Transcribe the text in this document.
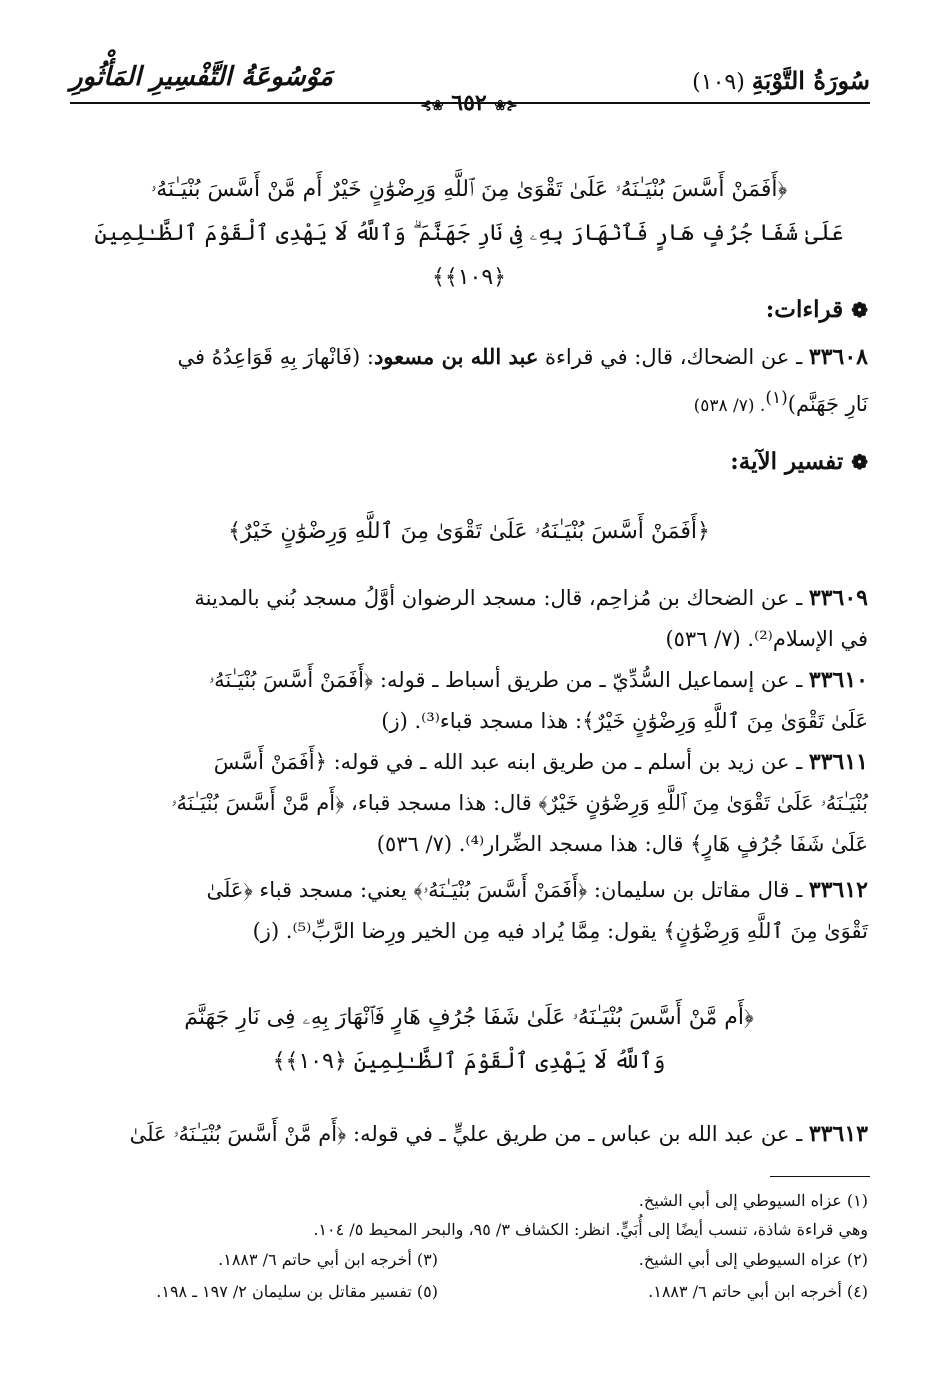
سُورَةُ التَّوْبَةِ (١٠٩)
مَوْسُوعَةُ التَّفْسِيرِ المَأْثُورِ
⊰❀ ٦٥٢ ❀⊱
﴿أَفَمَنْ أَسَّسَ بُنْيَـٰنَهُۥ عَلَىٰ تَقْوَىٰ مِنَ ٱللَّهِ وَرِضْوَٰنٍ خَيْرٌ أَم مَّنْ أَسَّسَ بُنْيَـٰنَهُۥ
عَلَىٰ شَفَا جُرُفٍ هَارٍ فَٱنْهَارَ بِهِۦ فِى نَارِ جَهَنَّمَ ۗ وَٱللَّهُ لَا يَهْدِى ٱلْقَوْمَ ٱلظَّـٰلِمِينَ ﴿١٠٩﴾﴾
❁قراءات:
٣٣٦٠٨ ـ عن الضحاك، قال: في قراءة عبد الله بن مسعود: (فَانْهارَ بِهِ قَوَاعِدُهُ في
نَارِ جَهَنَّم)$^{(١)}$. (٧/ ٥٣٨)
❁تفسير الآية:
﴿أَفَمَنْ أَسَّسَ بُنْيَـٰنَهُۥ عَلَىٰ تَقْوَىٰ مِنَ ٱللَّهِ وَرِضْوَٰنٍ خَيْرٌ﴾
٣٣٦٠٩ ـ عن الضحاك بن مُزاحِم، قال: مسجد الرضوان أوَّلُ مسجد بُني بالمدينة
في الإسلام⁽²⁾. (٧/ ٥٣٦)
٣٣٦١٠ ـ عن إسماعيل السُّدِّيّ ـ من طريق أسباط ـ قوله: ﴿أَفَمَنْ أَسَّسَ بُنْيَـٰنَهُۥ
عَلَىٰ تَقْوَىٰ مِنَ ٱللَّهِ وَرِضْوَٰنٍ خَيْرٌ﴾: هذا مسجد قباء⁽³⁾. (ز)
٣٣٦١١ ـ عن زيد بن أسلم ـ من طريق ابنه عبد الله ـ في قوله: ﴿أَفَمَنْ أَسَّسَ
بُنْيَـٰنَهُۥ عَلَىٰ تَقْوَىٰ مِنَ ٱللَّهِ وَرِضْوَٰنٍ خَيْرٌ﴾ قال: هذا مسجد قباء، ﴿أَم مَّنْ أَسَّسَ بُنْيَـٰنَهُۥ
عَلَىٰ شَفَا جُرُفٍ هَارٍ﴾ قال: هذا مسجد الضِّرار⁽⁴⁾. (٧/ ٥٣٦)
٣٣٦١٢ ـ قال مقاتل بن سليمان: ﴿أَفَمَنْ أَسَّسَ بُنْيَـٰنَهُۥ﴾ يعني: مسجد قباء ﴿عَلَىٰ
تَقْوَىٰ مِنَ ٱللَّهِ وَرِضْوَٰنٍ﴾ يقول: مِمَّا يُراد فيه مِن الخير ورِضا الرَّبِّ⁽⁵⁾. (ز)
﴿أَم مَّنْ أَسَّسَ بُنْيَـٰنَهُۥ عَلَىٰ شَفَا جُرُفٍ هَارٍ فَٱنْهَارَ بِهِۦ فِى نَارِ جَهَنَّمَ
وَٱللَّهُ لَا يَهْدِى ٱلْقَوْمَ ٱلظَّـٰلِمِينَ ﴿١٠٩﴾﴾
٣٣٦١٣ ـ عن عبد الله بن عباس ـ من طريق عليٍّ ـ في قوله: ﴿أَم مَّنْ أَسَّسَ بُنْيَـٰنَهُۥ عَلَىٰ
(١) عزاه السيوطي إلى أبي الشيخ.
وهي قراءة شاذة، تنسب أيضًا إلى أُبَيٍّ. انظر: الكشاف ٣/ ٩٥، والبحر المحيط ٥/ ١٠٤.
(٢) عزاه السيوطي إلى أبي الشيخ.
(٣) أخرجه ابن أبي حاتم ٦/ ١٨٨٣.
(٤) أخرجه ابن أبي حاتم ٦/ ١٨٨٣.
(٥) تفسير مقاتل بن سليمان ٢/ ١٩٧ ـ ١٩٨.
